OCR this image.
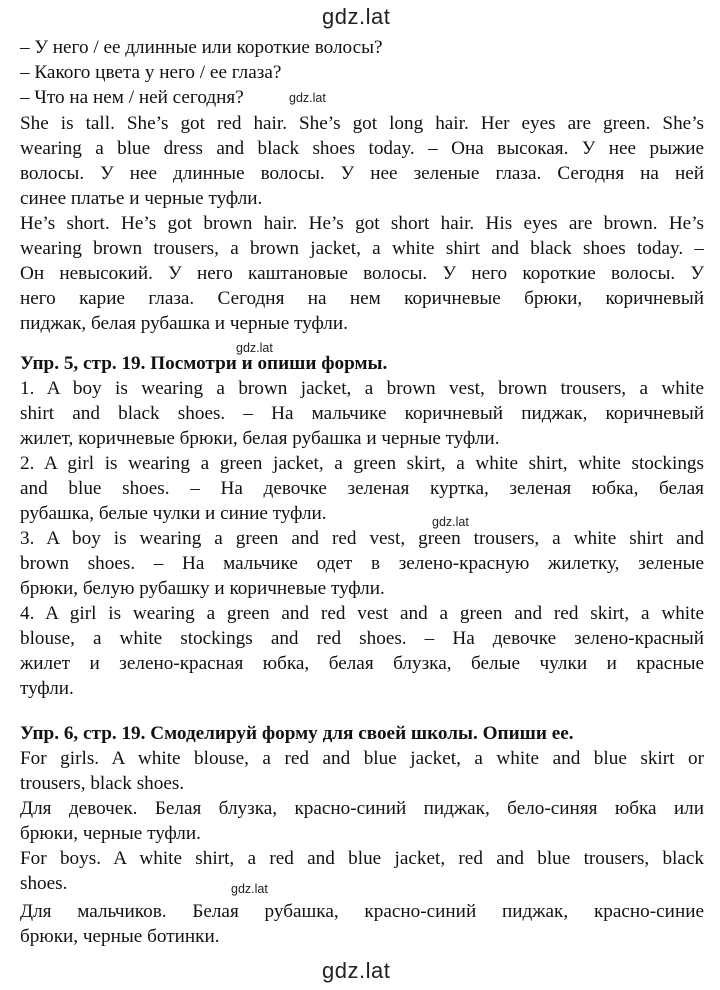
gdz.lat
– У него / ее длинные или короткие волосы?
– Какого цвета у него / ее глаза?
– Что на нем / ней сегодня?
She is tall. She’s got red hair. She’s got long hair. Her eyes are green. She’s
wearing a blue dress and black shoes today. – Она высокая. У нее рыжие
волосы. У нее длинные волосы. У нее зеленые глаза. Сегодня на ней
синее платье и черные туфли.
He’s short. He’s got brown hair. He’s got short hair. His eyes are brown. He’s
wearing brown trousers, a brown jacket, a white shirt and black shoes today. –
Он невысокий. У него каштановые волосы. У него короткие волосы. У
него карие глаза. Сегодня на нем коричневые брюки, коричневый
пиджак, белая рубашка и черные туфли.
Упр. 5, стр. 19. Посмотри и опиши формы.
1. A boy is wearing a brown jacket, a brown vest, brown trousers, a white
shirt and black shoes. – На мальчике коричневый пиджак, коричневый
жилет, коричневые брюки, белая рубашка и черные туфли.
2. A girl is wearing a green jacket, a green skirt, a white shirt, white stockings
and blue shoes. – На девочке зеленая куртка, зеленая юбка, белая
рубашка, белые чулки и синие туфли.
3. A boy is wearing a green and red vest, green trousers, a white shirt and
brown shoes. – На мальчике одет в зелено-красную жилетку, зеленые
брюки, белую рубашку и коричневые туфли.
4. A girl is wearing a green and red vest and a green and red skirt, a white
blouse, a white stockings and red shoes. – На девочке зелено-красный
жилет и зелено-красная юбка, белая блузка, белые чулки и красные
туфли.
Упр. 6, стр. 19. Смоделируй форму для своей школы. Опиши ее.
For girls. A white blouse, a red and blue jacket, a white and blue skirt or
trousers, black shoes.
Для девочек. Белая блузка, красно-синий пиджак, бело-синяя юбка или
брюки, черные туфли.
For boys. A white shirt, a red and blue jacket, red and blue trousers, black
shoes.
Для мальчиков. Белая рубашка, красно-синий пиджак, красно-синие
брюки, черные ботинки.
gdz.lat
gdz.lat
gdz.lat
gdz.lat
gdz.lat
